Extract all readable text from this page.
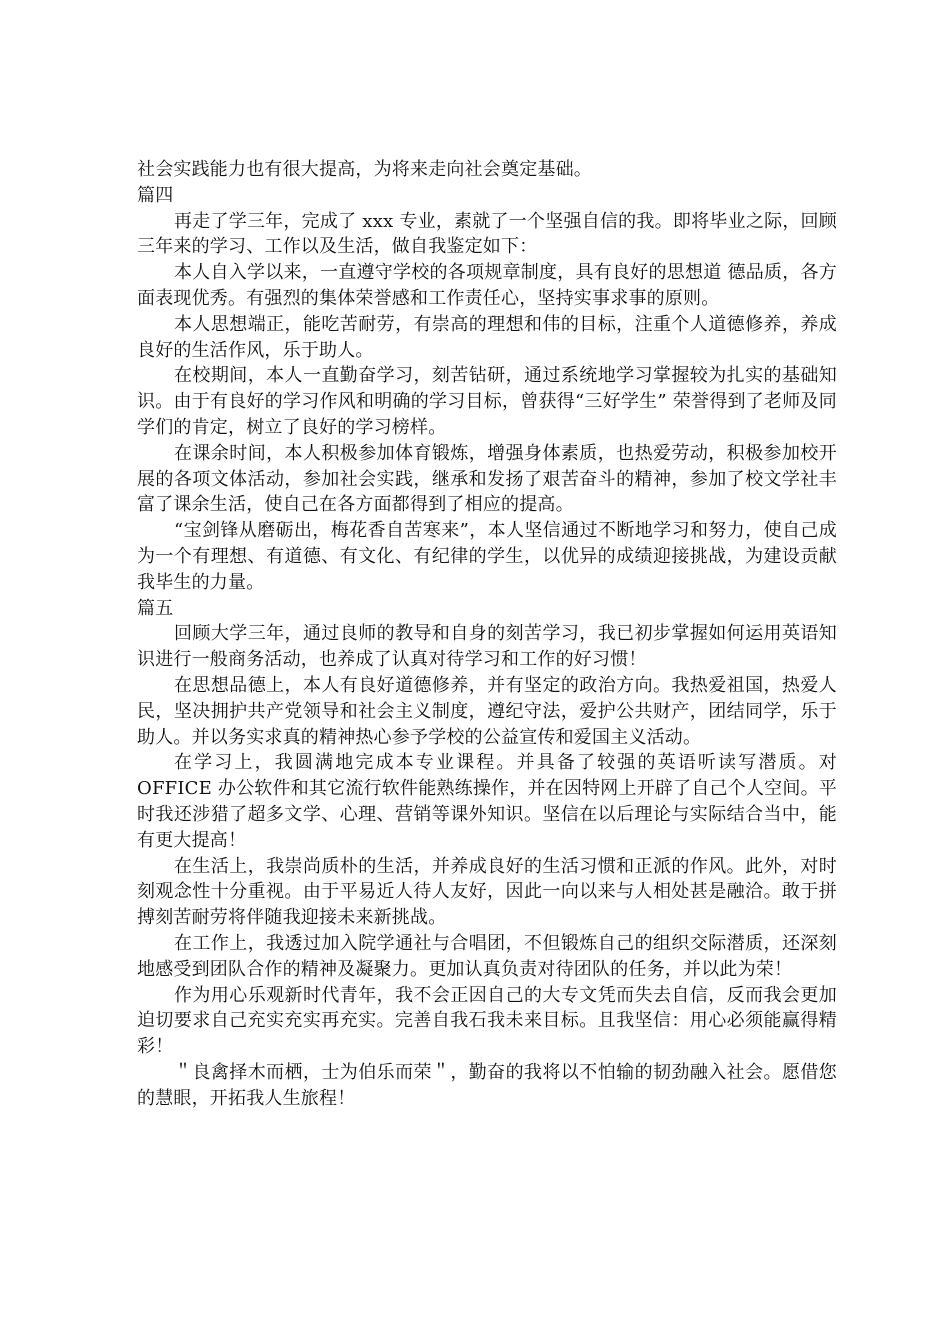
社会实践能力也有很大提高，为将来走向社会奠定基础。

篇四

再走了学三年，完成了 xxx 专业，素就了一个坚强自信的我。即将毕业之际，回顾三年来的学习、工作以及生活，做自我鉴定如下：

本人自入学以来，一直遵守学校的各项规章制度，具有良好的思想道 德品质，各方面表现优秀。有强烈的集体荣誉感和工作责任心，坚持实事求事的原则。

本人思想端正，能吃苦耐劳，有崇高的理想和伟的目标，注重个人道德修养，养成良好的生活作风，乐于助人。

在校期间，本人一直勤奋学习，刻苦钻研，通过系统地学习掌握较为扎实的基础知识。由于有良好的学习作风和明确的学习目标，曾获得“三好学生” 荣誉得到了老师及同学们的肯定，树立了良好的学习榜样。

在课余时间，本人积极参加体育锻炼，增强身体素质，也热爱劳动，积极参加校开展的各项文体活动，参加社会实践，继承和发扬了艰苦奋斗的精神，参加了校文学社丰富了课余生活，使自己在各方面都得到了相应的提高。

“宝剑锋从磨砺出，梅花香自苦寒来”，本人坚信通过不断地学习和努力，使自己成为一个有理想、有道德、有文化、有纪律的学生，以优异的成绩迎接挑战，为建设贡献我毕生的力量。

篇五

回顾大学三年，通过良师的教导和自身的刻苦学习，我已初步掌握如何运用英语知识进行一般商务活动，也养成了认真对待学习和工作的好习惯！

在思想品德上，本人有良好道德修养，并有坚定的政治方向。我热爱祖国，热爱人民，坚决拥护共产党领导和社会主义制度，遵纪守法，爱护公共财产，团结同学，乐于助人。并以务实求真的精神热心参予学校的公益宣传和爱国主义活动。

在学习上，我圆满地完成本专业课程。并具备了较强的英语听读写潜质。对 OFFICE 办公软件和其它流行软件能熟练操作，并在因特网上开辟了自己个人空间。平时我还涉猎了超多文学、心理、营销等课外知识。坚信在以后理论与实际结合当中，能有更大提高！

在生活上，我崇尚质朴的生活，并养成良好的生活习惯和正派的作风。此外，对时刻观念性十分重视。由于平易近人待人友好，因此一向以来与人相处甚是融洽。敢于拼搏刻苦耐劳将伴随我迎接未来新挑战。

在工作上，我透过加入院学通社与合唱团，不但锻炼自己的组织交际潜质，还深刻地感受到团队合作的精神及凝聚力。更加认真负责对待团队的任务，并以此为荣！

作为用心乐观新时代青年，我不会正因自己的大专文凭而失去自信，反而我会更加迫切要求自己充实充实再充实。完善自我石我未来目标。且我坚信：用心必须能赢得精彩！

＂良禽择木而栖，士为伯乐而荣＂，勤奋的我将以不怕输的韧劲融入社会。愿借您的慧眼，开拓我人生旅程！
